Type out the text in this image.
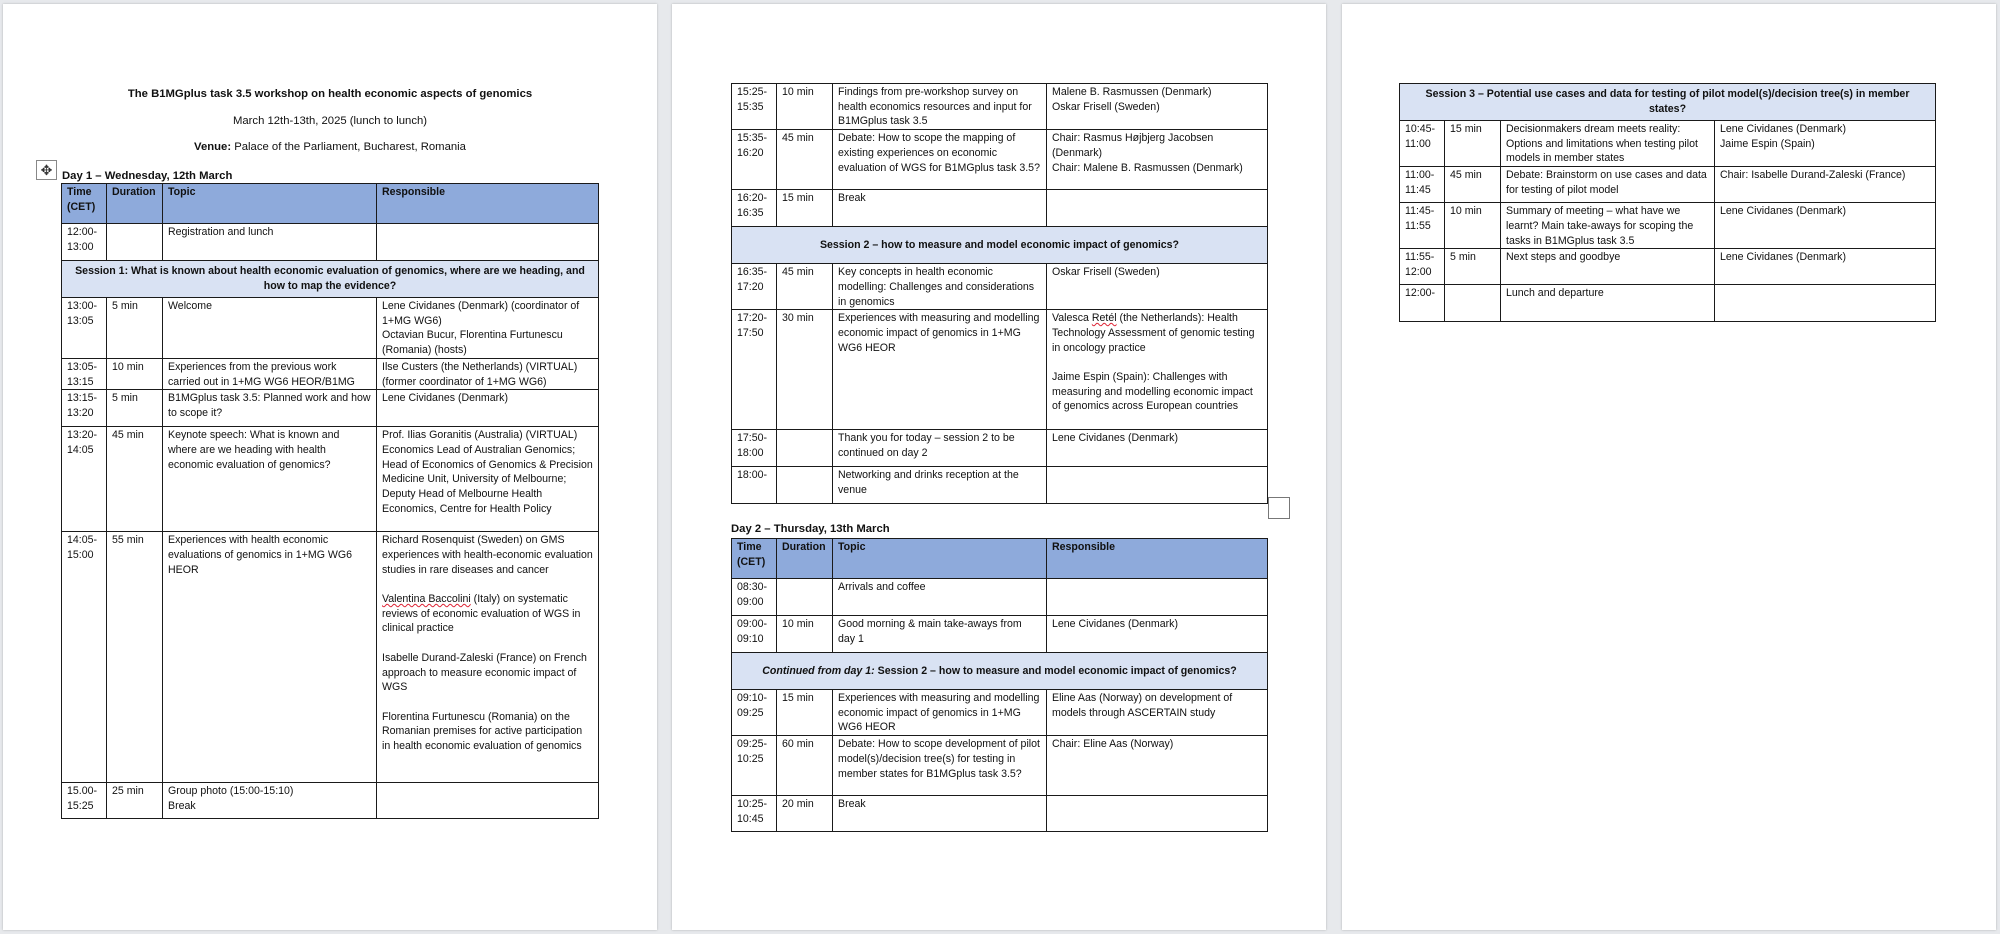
The B1MGplus task 3.5 workshop on health economic aspects of genomics
March 12th-13th, 2025 (lunch to lunch)
Venue: Palace of the Parliament, Bucharest, Romania
✥ Day 1 – Wednesday, 12th March
Time (CET)	Duration	Topic	Responsible
12:00-13:00		Registration and lunch	
Session 1: What is known about health economic evaluation of genomics, where are we heading, and how to map the evidence?			
13:00-13:05	5 min	Welcome	Lene Cividanes (Denmark) (coordinator of 1+MG WG6)
Octavian Bucur, Florentina Furtunescu (Romania) (hosts)

13:05-13:15	10 min	Experiences from the previous work carried out in 1+MG WG6 HEOR/B1MG	Ilse Custers (the Netherlands) (VIRTUAL) (former coordinator of 1+MG WG6)
13:15-13:20	5 min	B1MGplus task 3.5: Planned work and how to scope it?	Lene Cividanes (Denmark)
13:20-14:05	45 min	Keynote speech: What is known and where are we heading with health economic evaluation of genomics?	Prof. Ilias Goranitis (Australia) (VIRTUAL) Economics Lead of Australian Genomics; Head of Economics of Genomics & Precision Medicine Unit, University of Melbourne; Deputy Head of Melbourne Health Economics, Centre for Health Policy
14:05-15:00	55 min	Experiences with health economic evaluations of genomics in 1+MG WG6 HEOR	Richard Rosenquist (Sweden) on GMS experiences with health-economic evaluation studies in rare diseases and cancer
Valentina Baccolini (Italy) on systematic reviews of economic evaluation of WGS in clinical practice
Isabelle Durand-Zaleski (France) on French approach to measure economic impact of WGS
Florentina Furtunescu (Romania) on the Romanian premises for active participation in health economic evaluation of genomics

15.00-15:25	25 min	Group photo (15:00-15:10)
Break	

15:25-15:35	10 min	Findings from pre-workshop survey on health economics resources and input for B1MGplus task 3.5	Malene B. Rasmussen (Denmark)
Oskar Frisell (Sweden)

15:35-16:20	45 min	Debate: How to scope the mapping of existing experiences on economic evaluation of WGS for B1MGplus task 3.5?	Chair: Rasmus Højbjerg Jacobsen (Denmark)
Chair: Malene B. Rasmussen (Denmark)

16:20-16:35	15 min	Break	
Session 2 – how to measure and model economic impact of genomics?			
16:35-17:20	45 min	Key concepts in health economic modelling: Challenges and considerations in genomics	Oskar Frisell (Sweden)
17:20-17:50	30 min	Experiences with measuring and modelling economic impact of genomics in 1+MG WG6 HEOR	Valesca Retél (the Netherlands): Health Technology Assessment of genomic testing in oncology practice
Jaime Espin (Spain): Challenges with measuring and modelling economic impact of genomics across European countries

17:50-18:00		Thank you for today – session 2 to be continued on day 2	Lene Cividanes (Denmark)
18:00-		Networking and drinks reception at the venue	
Day 2 – Thursday, 13th March
Time (CET)	Duration	Topic	Responsible
08:30-09:00		Arrivals and coffee	
09:00-09:10	10 min	Good morning & main take-aways from day 1	Lene Cividanes (Denmark)
Continued from day 1: Session 2 – how to measure and model economic impact of genomics?			
09:10-09:25	15 min	Experiences with measuring and modelling economic impact of genomics in 1+MG WG6 HEOR	Eline Aas (Norway) on development of models through ASCERTAIN study
09:25-10:25	60 min	Debate: How to scope development of pilot model(s)/decision tree(s) for testing in member states for B1MGplus task 3.5?	Chair: Eline Aas (Norway)
10:25-10:45	20 min	Break	
Session 3 – Potential use cases and data for testing of pilot model(s)/decision tree(s) in member states?			
10:45-11:00	15 min	Decisionmakers dream meets reality: Options and limitations when testing pilot models in member states	Lene Cividanes (Denmark)
Jaime Espin (Spain)

11:00-11:45	45 min	Debate: Brainstorm on use cases and data for testing of pilot model	Chair: Isabelle Durand-Zaleski (France)
11:45-11:55	10 min	Summary of meeting – what have we learnt? Main take-aways for scoping the tasks in B1MGplus task 3.5	Lene Cividanes (Denmark)
11:55-12:00	5 min	Next steps and goodbye	Lene Cividanes (Denmark)
12:00-		Lunch and departure	
